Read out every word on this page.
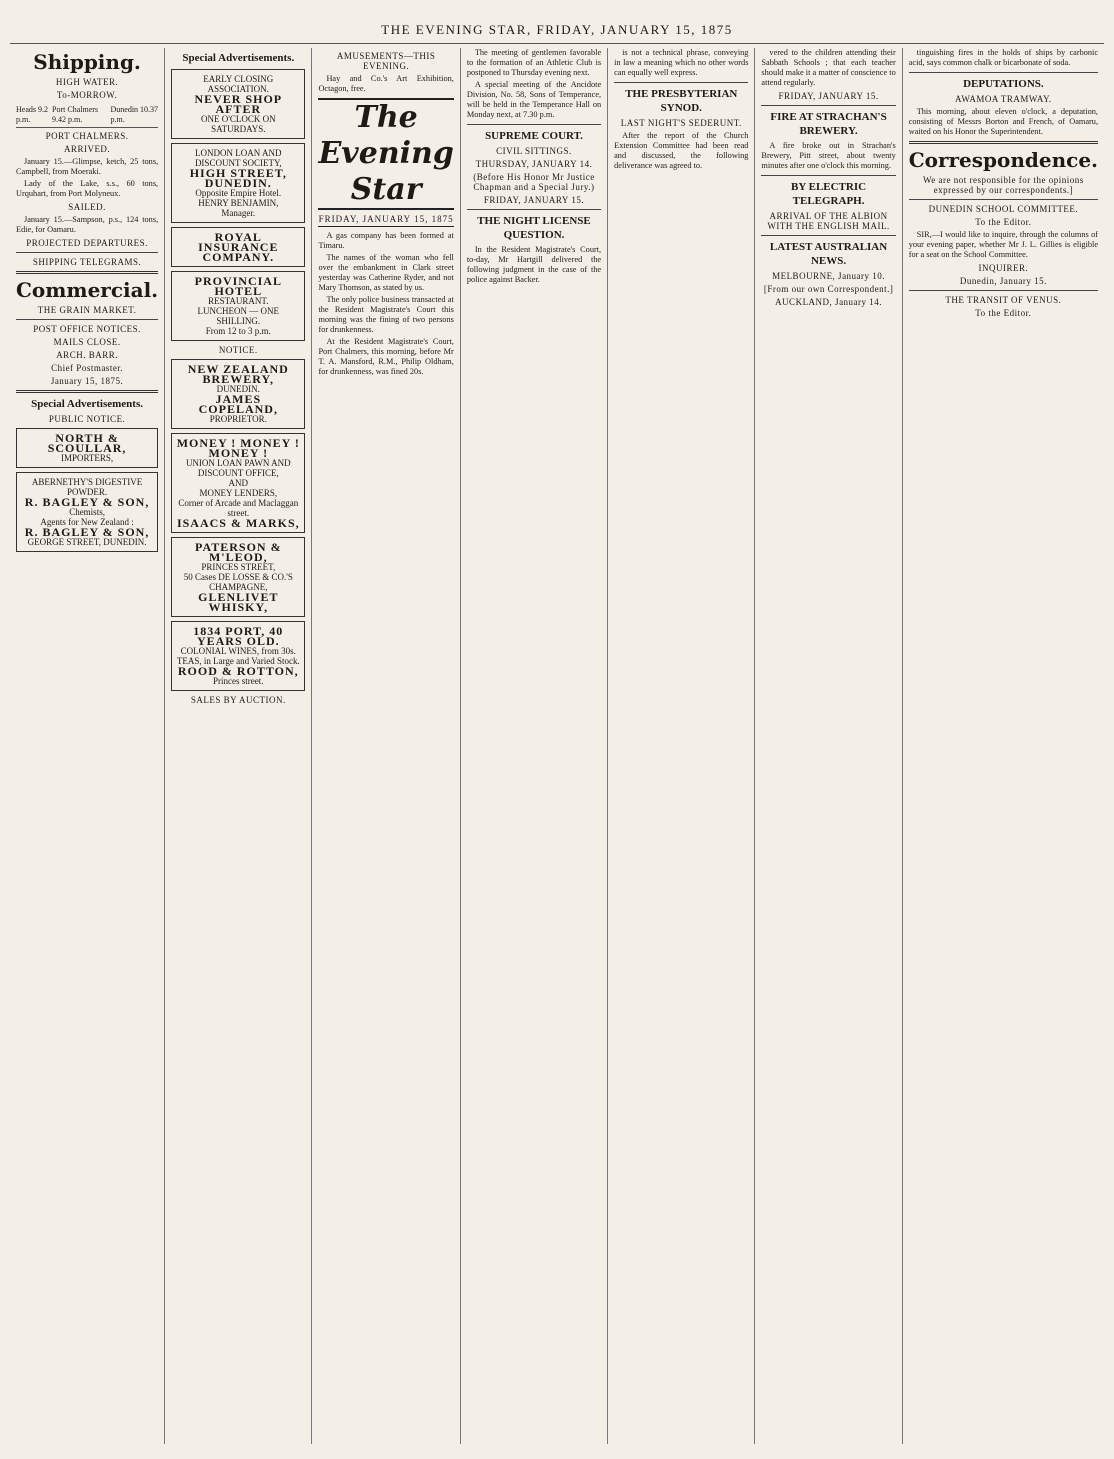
THE EVENING STAR, FRIDAY, JANUARY 15, 1875
Shipping.
HIGH WATER.
To-MORROW.
Heads 9.2 p.m.
Port Chalmers 9.42 p.m.
Dunedin 10.37 p.m.
PORT CHALMERS.
ARRIVED.

January 15.—Glimpse, ketch, 25 tons, Campbell, from Moeraki.

Lady of the Lake, s.s., 60 tons, Urquhart, from Port Molyneux.

SAILED.

January 15.—Sampson, p.s., 124 tons, Edie, for Oamaru.

PROJECTED DEPARTURES.
SHIPPING TELEGRAMS.
Commercial.
THE GRAIN MARKET.
POST OFFICE NOTICES.
MAILS CLOSE.
ARCH. BARR.
Chief Postmaster.
January 15, 1875.
Special Advertisements.
PUBLIC NOTICE.
NORTH & SCOULLAR,
IMPORTERS,
ABERNETHY'S DIGESTIVE POWDER.
R. BAGLEY & SON,
Chemists,
Agents for New Zealand :
R. BAGLEY & SON,
GEORGE STREET, DUNEDIN.
Special Advertisements.
EARLY CLOSING ASSOCIATION.
NEVER SHOP AFTER
ONE O'CLOCK ON SATURDAYS.
LONDON LOAN AND DISCOUNT SOCIETY,
HIGH STREET, DUNEDIN.
Opposite Empire Hotel.
HENRY BENJAMIN,
Manager.
ROYAL INSURANCE COMPANY.
PROVINCIAL HOTEL
RESTAURANT.
LUNCHEON — ONE SHILLING.
From 12 to 3 p.m.
NOTICE.
NEW ZEALAND BREWERY,
DUNEDIN.
JAMES COPELAND,
PROPRIETOR.
MONEY ! MONEY ! MONEY !
UNION LOAN PAWN AND DISCOUNT OFFICE,
AND
MONEY LENDERS,
Corner of Arcade and Maclaggan street.
ISAACS & MARKS,
PATERSON & M'LEOD,
PRINCES STREET,
50 Cases DE LOSSE & CO.'S CHAMPAGNE,
GLENLIVET WHISKY,
1834 PORT, 40 YEARS OLD.
COLONIAL WINES, from 30s.
TEAS, in Large and Varied Stock.
ROOD & ROTTON,
Princes street.
SALES BY AUCTION.
AMUSEMENTS—THIS EVENING.

Hay and Co.'s Art Exhibition, Octagon, free.

The Evening Star
FRIDAY, JANUARY 15, 1875

A gas company has been formed at Timaru.

The names of the woman who fell over the embankment in Clark street yesterday was Catherine Ryder, and not Mary Thomson, as stated by us.

The only police business transacted at the Resident Magistrate's Court this morning was the fining of two persons for drunkenness.

At the Resident Magistrate's Court, Port Chalmers, this morning, before Mr T. A. Mansford, R.M., Philip Oldham, for drunkenness, was fined 20s.

The meeting of gentlemen favorable to the formation of an Athletic Club is postponed to Thursday evening next.

A special meeting of the Ancidote Division, No. 58, Sons of Temperance, will be held in the Temperance Hall on Monday next, at 7.30 p.m.

SUPREME COURT.
CIVIL SITTINGS.
THURSDAY, JANUARY 14.
(Before His Honor Mr Justice Chapman and a Special Jury.)
FRIDAY, JANUARY 15.
THE NIGHT LICENSE QUESTION.

In the Resident Magistrate's Court, to-day, Mr Hartgill delivered the following judgment in the case of the police against Backer.

is not a technical phrase, conveying in law a meaning which no other words can equally well express.

THE PRESBYTERIAN SYNOD.
LAST NIGHT'S SEDERUNT.

After the report of the Church Extension Committee had been read and discussed, the following deliverance was agreed to.

vered to the children attending their Sabbath Schools ; that each teacher should make it a matter of conscience to attend regularly.

FRIDAY, JANUARY 15.
FIRE AT STRACHAN'S BREWERY.

A fire broke out in Strachan's Brewery, Pitt street, about twenty minutes after one o'clock this morning.

BY ELECTRIC TELEGRAPH.
ARRIVAL OF THE ALBION WITH THE ENGLISH MAIL.
LATEST AUSTRALIAN NEWS.
MELBOURNE, January 10.
[From our own Correspondent.]
AUCKLAND, January 14.

tinguishing fires in the holds of ships by carbonic acid, says common chalk or bicarbonate of soda.

DEPUTATIONS.
AWAMOA TRAMWAY.

This morning, about eleven o'clock, a deputation, consisting of Messrs Borton and French, of Oamaru, waited on his Honor the Superintendent.

Correspondence.
We are not responsible for the opinions expressed by our correspondents.]
DUNEDIN SCHOOL COMMITTEE.
To the Editor.

SIR,—I would like to inquire, through the columns of your evening paper, whether Mr J. L. Gillies is eligible for a seat on the School Committee.

INQUIRER.
Dunedin, January 15.
THE TRANSIT OF VENUS.
To the Editor.
